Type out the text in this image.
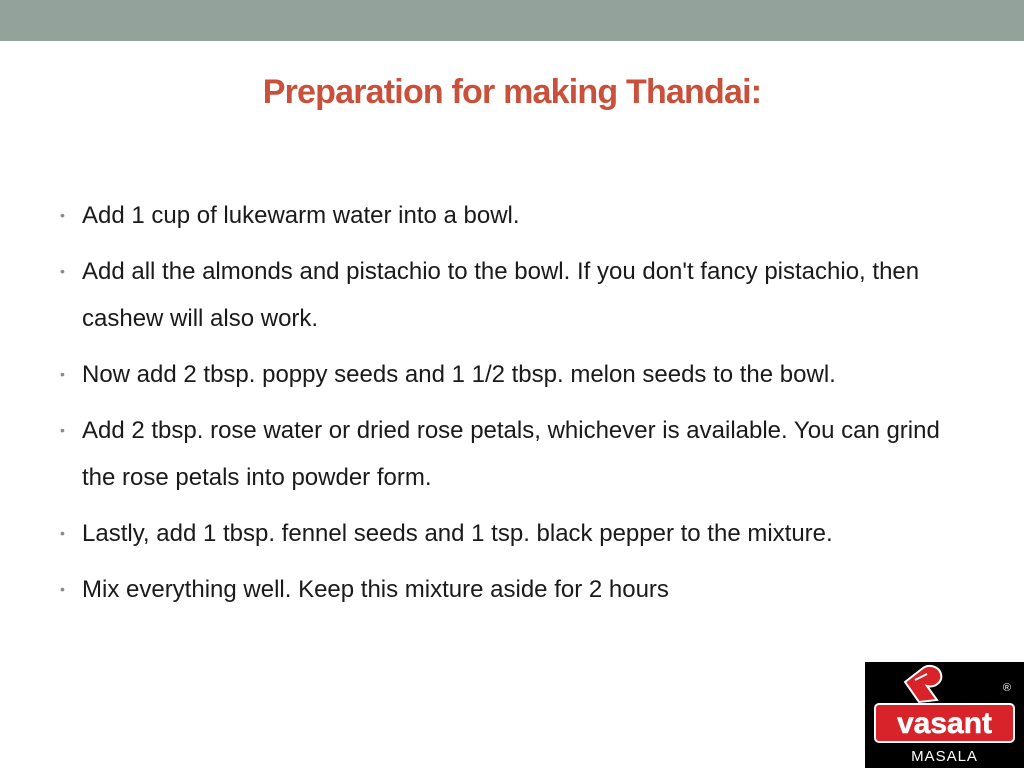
Preparation for making Thandai:
• Add 1 cup of lukewarm water into a bowl.
• Add all the almonds and pistachio to the bowl. If you don't fancy pistachio, then cashew will also work.
• Now add 2 tbsp. poppy seeds and 1 1/2 tbsp. melon seeds to the bowl.
• Add 2 tbsp. rose water or dried rose petals, whichever is available. You can grind the rose petals into powder form.
• Lastly, add 1 tbsp. fennel seeds and 1 tsp. black pepper to the mixture.
• Mix everything well. Keep this mixture aside for 2 hours
vasant
®
MASALA
